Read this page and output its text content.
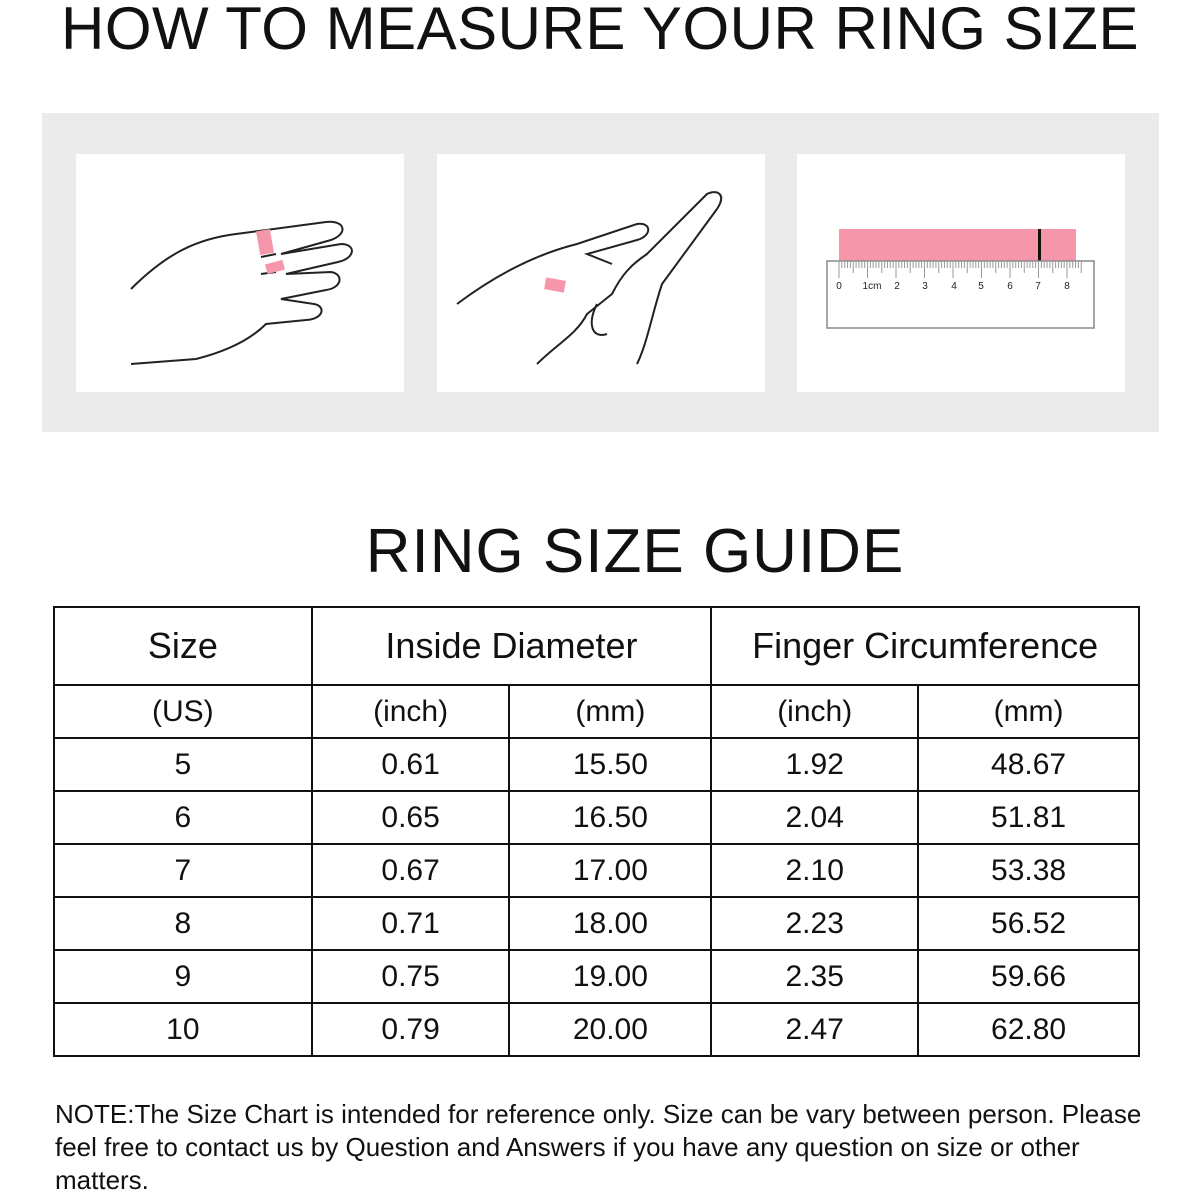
HOW TO MEASURE YOUR RING SIZE
0 1cm 2 3 4 5 6 7 8
RING SIZE GUIDE
Size	Inside Diameter		Finger Circumference	
(US)	(inch)	(mm)	(inch)	(mm)
5	0.61	15.50	1.92	48.67
6	0.65	16.50	2.04	51.81
7	0.67	17.00	2.10	53.38
8	0.71	18.00	2.23	56.52
9	0.75	19.00	2.35	59.66
10	0.79	20.00	2.47	62.80
NOTE:The Size Chart is intended for reference only. Size can be vary between person. Please feel free to contact us by Question and Answers if you have any question on size or other matters.
